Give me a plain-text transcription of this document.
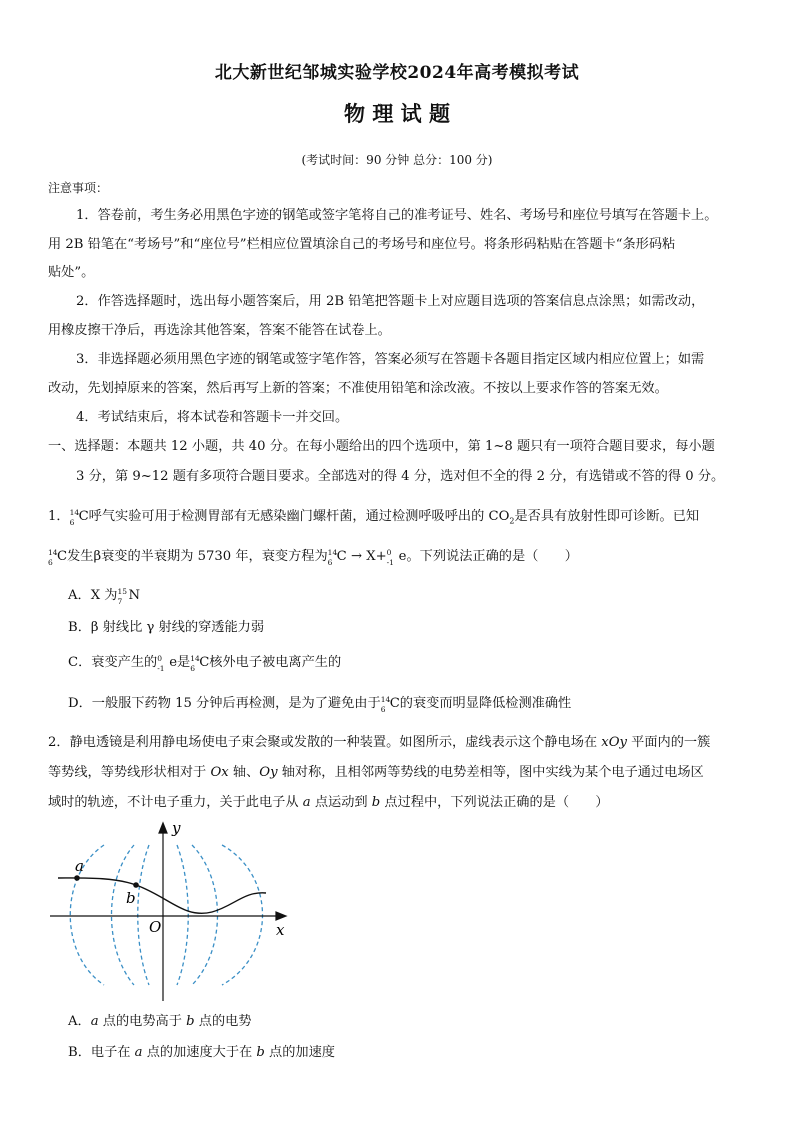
北大新世纪邹城实验学校2024年高考模拟考试
物 理 试 题
(考试时间：90 分钟 总分：100 分)
注意事项：
1．答卷前，考生务必用黑色字迹的钢笔或签字笔将自己的准考证号、姓名、考场号和座位号填写在答题卡上。
用 2B 铅笔在“考场号”和“座位号”栏相应位置填涂自己的考场号和座位号。将条形码粘贴在答题卡“条形码粘
贴处”。
2．作答选择题时，选出每小题答案后，用 2B 铅笔把答题卡上对应题目选项的答案信息点涂黑；如需改动，
用橡皮擦干净后，再选涂其他答案，答案不能答在试卷上。
3．非选择题必须用黑色字迹的钢笔或签字笔作答，答案必须写在答题卡各题目指定区域内相应位置上；如需
改动，先划掉原来的答案，然后再写上新的答案；不准使用铅笔和涂改液。不按以上要求作答的答案无效。
4．考试结束后，将本试卷和答题卡一并交回。
一、选择题：本题共 12 小题，共 40 分。在每小题给出的四个选项中，第 1~8 题只有一项符合题目要求，每小题
3 分，第 9~12 题有多项符合题目要求。全部选对的得 4 分，选对但不全的得 2 分，有选错或不答的得 0 分。
1． 14
6 C呼气实验可用于检测胃部有无感染幽门螺杆菌，通过检测呼吸呼出的 $CO_2$是否具有放射性即可诊断。已知
14
6 C发生β衰变的半衰期为 5730 年，衰变方程为 14
6 C → X+ 0
-1 e。下列说法正确的是（　　）
A．X 为 15
7 N
B．β 射线比 γ 射线的穿透能力弱
C．衰变产生的 0
-1 e是 14
6 C核外电子被电离产生的
D．一般服下药物 15 分钟后再检测，是为了避免由于 14
6 C的衰变而明显降低检测准确性
2．静电透镜是利用静电场使电子束会聚或发散的一种装置。如图所示，虚线表示这个静电场在 xOy 平面内的一簇
等势线，等势线形状相对于 Ox 轴、Oy 轴对称，且相邻两等势线的电势差相等，图中实线为某个电子通过电场区
域时的轨迹，不计电子重力，关于此电子从 a 点运动到 b 点过程中，下列说法正确的是（　　）
y
x
O
a
b
A．a 点的电势高于 b 点的电势
B．电子在 a 点的加速度大于在 b 点的加速度
